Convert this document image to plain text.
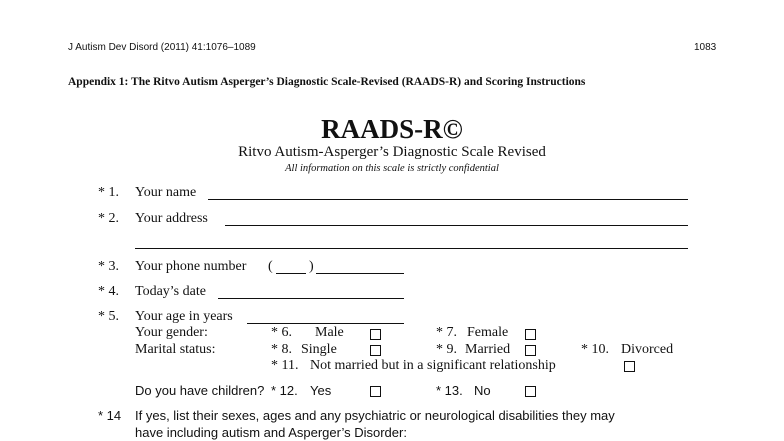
J Autism Dev Disord (2011) 41:1076–1089	1083
Appendix 1: The Ritvo Autism Asperger’s Diagnostic Scale-Revised (RAADS-R) and Scoring Instructions
RAADS-R©
Ritvo Autism-Asperger’s Diagnostic Scale Revised
All information on this scale is strictly confidential
* 1. Your name
* 2. Your address
* 3. Your phone number (	)
* 4. Today’s date
* 5. Your age in years
Your gender:	* 6. Male	* 7. Female
Marital status:	* 8. Single	* 9. Married	* 10. Divorced
* 11. Not married but in a significant relationship
Do you have children? * 12. Yes	* 13. No
* 14 If yes, list their sexes, ages and any psychiatric or neurological disabilities they may
have including autism and Asperger’s Disorder:
